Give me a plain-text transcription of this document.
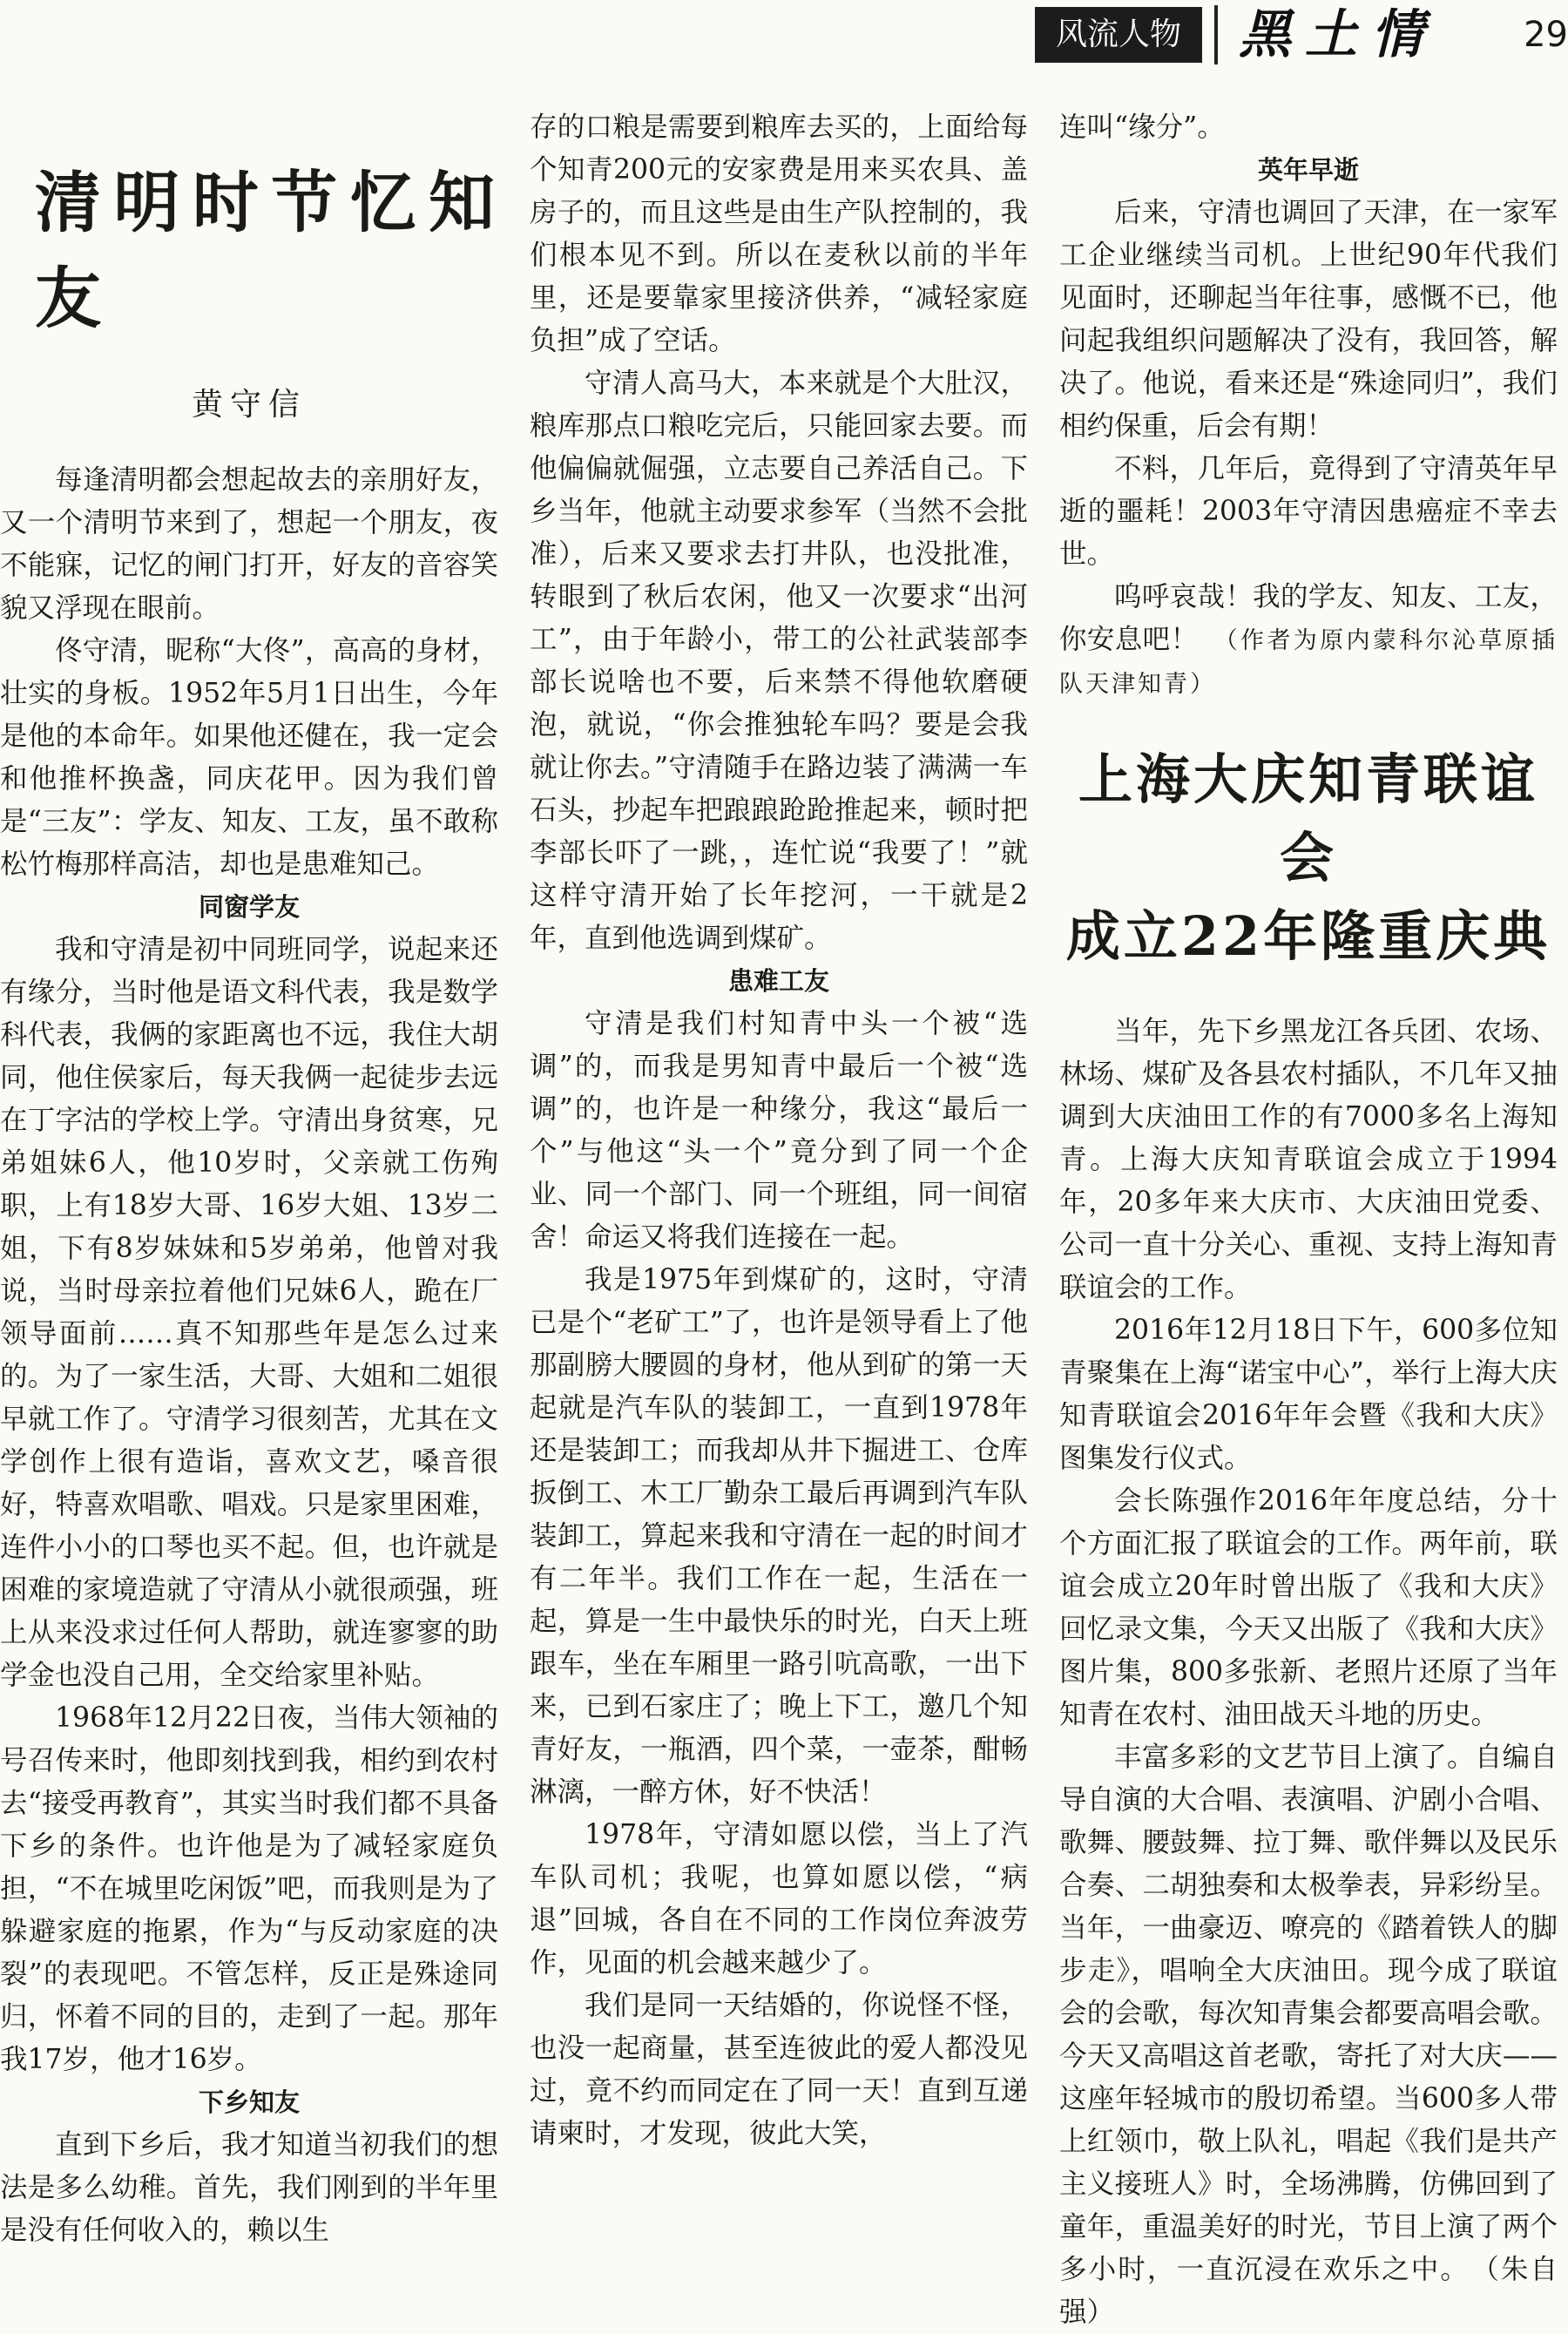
风流人物	黑土情	29
清明时节忆知友
黄守信

每逢清明都会想起故去的亲朋好友，又一个清明节来到了，想起一个朋友，夜不能寐，记忆的闸门打开，好友的音容笑貌又浮现在眼前。

佟守清，昵称“大佟”，高高的身材，壮实的身板。1952年5月1日出生，今年是他的本命年。如果他还健在，我一定会和他推杯换盏，同庆花甲。因为我们曾是“三友”：学友、知友、工友，虽不敢称松竹梅那样高洁，却也是患难知己。

同窗学友

我和守清是初中同班同学，说起来还有缘分，当时他是语文科代表，我是数学科代表，我俩的家距离也不远，我住大胡同，他住侯家后，每天我俩一起徒步去远在丁字沽的学校上学。守清出身贫寒，兄弟姐妹6人，他10岁时，父亲就工伤殉职，上有18岁大哥、16岁大姐、13岁二姐，下有8岁妹妹和5岁弟弟，他曾对我说，当时母亲拉着他们兄妹6人，跪在厂领导面前……真不知那些年是怎么过来的。为了一家生活，大哥、大姐和二姐很早就工作了。守清学习很刻苦，尤其在文学创作上很有造诣，喜欢文艺，嗓音很好，特喜欢唱歌、唱戏。只是家里困难，连件小小的口琴也买不起。但，也许就是困难的家境造就了守清从小就很顽强，班上从来没求过任何人帮助，就连寥寥的助学金也没自己用，全交给家里补贴。

1968年12月22日夜，当伟大领袖的号召传来时，他即刻找到我，相约到农村去“接受再教育”，其实当时我们都不具备下乡的条件。也许他是为了减轻家庭负担，“不在城里吃闲饭”吧，而我则是为了躲避家庭的拖累，作为“与反动家庭的决裂”的表现吧。不管怎样，反正是殊途同归，怀着不同的目的，走到了一起。那年我17岁，他才16岁。

下乡知友

直到下乡后，我才知道当初我们的想法是多么幼稚。首先，我们刚到的半年里是没有任何收入的，赖以生

存的口粮是需要到粮库去买的，上面给每个知青200元的安家费是用来买农具、盖房子的，而且这些是由生产队控制的，我们根本见不到。所以在麦秋以前的半年里，还是要靠家里接济供养，“减轻家庭负担”成了空话。

守清人高马大，本来就是个大肚汉，粮库那点口粮吃完后，只能回家去要。而他偏偏就倔强，立志要自己养活自己。下乡当年，他就主动要求参军（当然不会批准），后来又要求去打井队，也没批准，转眼到了秋后农闲，他又一次要求“出河工”，由于年龄小，带工的公社武装部李部长说啥也不要，后来禁不得他软磨硬泡，就说，“你会推独轮车吗？要是会我就让你去。”守清随手在路边装了满满一车石头，抄起车把踉踉跄跄推起来，顿时把李部长吓了一跳，，连忙说“我要了！”就这样守清开始了长年挖河，一干就是2年，直到他选调到煤矿。

患难工友

守清是我们村知青中头一个被“选调”的，而我是男知青中最后一个被“选调”的，也许是一种缘分，我这“最后一个”与他这“头一个”竟分到了同一个企业、同一个部门、同一个班组，同一间宿舍！命运又将我们连接在一起。

我是1975年到煤矿的，这时，守清已是个“老矿工”了，也许是领导看上了他那副膀大腰圆的身材，他从到矿的第一天起就是汽车队的装卸工，一直到1978年还是装卸工；而我却从井下掘进工、仓库扳倒工、木工厂勤杂工最后再调到汽车队装卸工，算起来我和守清在一起的时间才有二年半。我们工作在一起，生活在一起，算是一生中最快乐的时光，白天上班跟车，坐在车厢里一路引吭高歌，一出下来，已到石家庄了；晚上下工，邀几个知青好友，一瓶酒，四个菜，一壶茶，酣畅淋漓，一醉方休，好不快活！

1978年，守清如愿以偿，当上了汽车队司机；我呢，也算如愿以偿，“病退”回城，各自在不同的工作岗位奔波劳作，见面的机会越来越少了。

我们是同一天结婚的，你说怪不怪，也没一起商量，甚至连彼此的爱人都没见过，竟不约而同定在了同一天！直到互递请柬时，才发现，彼此大笑，

连叫“缘分”。

英年早逝

后来，守清也调回了天津，在一家军工企业继续当司机。上世纪90年代我们见面时，还聊起当年往事，感慨不已，他问起我组织问题解决了没有，我回答，解决了。他说，看来还是“殊途同归”，我们相约保重，后会有期！

不料，几年后，竟得到了守清英年早逝的噩耗！2003年守清因患癌症不幸去世。

呜呼哀哉！我的学友、知友、工友，你安息吧！　 （作者为原内蒙科尔沁草原插队天津知青）

上海大庆知青联谊会
成立22年隆重庆典

当年，先下乡黑龙江各兵团、农场、林场、煤矿及各县农村插队，不几年又抽调到大庆油田工作的有7000多名上海知青。上海大庆知青联谊会成立于1994年，20多年来大庆市、大庆油田党委、公司一直十分关心、重视、支持上海知青联谊会的工作。

2016年12月18日下午，600多位知青聚集在上海“诺宝中心”，举行上海大庆知青联谊会2016年年会暨《我和大庆》图集发行仪式。

会长陈强作2016年年度总结，分十个方面汇报了联谊会的工作。两年前，联谊会成立20年时曾出版了《我和大庆》回忆录文集，今天又出版了《我和大庆》图片集，800多张新、老照片还原了当年知青在农村、油田战天斗地的历史。

丰富多彩的文艺节目上演了。自编自导自演的大合唱、表演唱、沪剧小合唱、歌舞、腰鼓舞、拉丁舞、歌伴舞以及民乐合奏、二胡独奏和太极拳表，异彩纷呈。当年，一曲豪迈、嘹亮的《踏着铁人的脚步走》，唱响全大庆油田。现今成了联谊会的会歌，每次知青集会都要高唱会歌。今天又高唱这首老歌，寄托了对大庆——这座年轻城市的殷切希望。当600多人带上红领巾，敬上队礼，唱起《我们是共产主义接班人》时，全场沸腾，仿佛回到了童年，重温美好的时光，节目上演了两个多小时，一直沉浸在欢乐之中。　 （朱自强）
